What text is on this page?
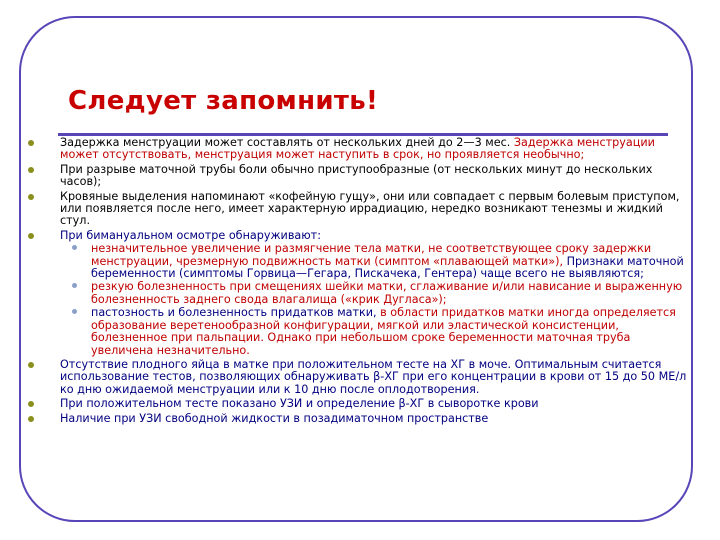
Следует запомнить!
Задержка менструации может составлять от нескольких дней до 2—3 мес. Задержка менструации может отсутствовать, менструация может наступить в срок, но проявляется необычно;
При разрыве маточной трубы боли обычно приступообразные (от нескольких минут до нескольких часов);
Кровяные выделения напоминают «кофейную гущу», они или совпадает с первым болевым приступом, или появляется после него, имеет характерную иррадиацию, нередко возникают тенезмы и жидкий стул.
При бимануальном осмотре обнаруживают:
незначительное увеличение и размягчение тела матки, не соответствующее сроку задержки менструации, чрезмерную подвижность матки (симптом «плавающей матки»), Признаки маточной беременности (симптомы Горвица—Гегара, Пискачека, Гентера) чаще всего не выявляются;
резкую болезненность при смещениях шейки матки, сглаживание и/или нависание и выраженную болезненность заднего свода влагалища («крик Дугласа»);
пастозность и болезненность придатков матки, в области придатков матки иногда определяется образование веретенообразной конфигурации, мягкой или эластической консистенции, болезненное при пальпации. Однако при небольшом сроке беременности маточная труба увеличена незначительно.
Отсутствие плодного яйца в матке при положительном тесте на ХГ в моче. Оптимальным считается использование тестов, позволяющих обнаруживать β-ХГ при его концентрации в крови от 15 до 50 МЕ/л ко дню ожидаемой менструации или к 10 дню после оплодотворения.
При положительном тесте показано УЗИ и определение β-ХГ в сыворотке крови
Наличие при УЗИ свободной жидкости в позадиматочном пространстве
